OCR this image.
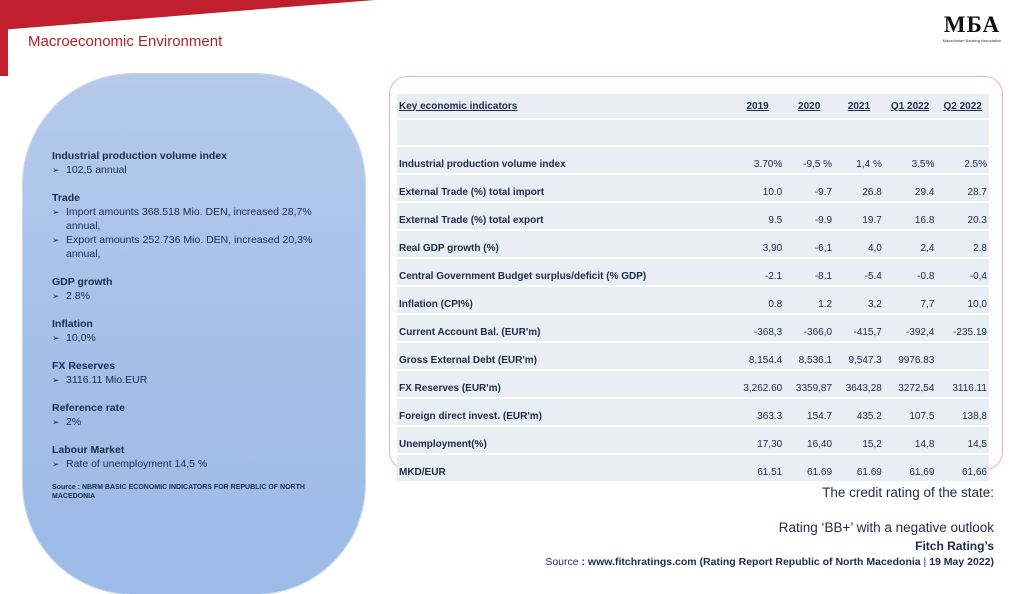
Macroeconomic Environment
MБА
Macedonian Banking Association
Industrial production volume index
➢ 102,5 annual
Trade
➢ Import amounts 368.518 Mio. DEN, increased 28,7% annual,
➢ Export amounts 252.736 Mio. DEN, increased 20,3% annual,
GDP growth
➢ 2.8%
Inflation
➢ 10,0%
FX Reserves
➢ 3116.11 Mio.EUR
Reference rate
➢ 2%
Labour Market
➢ Rate of unemployment 14,5 %
Source : NBRM BASIC ECONOMIC INDICATORS FOR REPUBLIC OF NORTH MACEDONIA
Key economic indicators	2019	2020	2021	Q1 2022	Q2 2022

Industrial production volume index	3.70%	-9,5 %	1,4 %	3.5%	2.5%
External Trade (%) total import	10.0	-9.7	26.8	29.4	28.7
External Trade (%) total export	9.5	-9.9	19.7	16.8	20.3
Real GDP growth (%)	3,90	-6,1	4,0	2,4	2.8
Central Government Budget surplus/deficit (% GDP)	-2.1	-8.1	-5.4	-0.8	-0,4
Inflation (CPI%)	0.8	1.2	3,2	7,7	10,0
Current Account Bal. (EUR'm)	-368,3	-366,0	-415,7	-392,4	-235.19
Gross External Debt (EUR'm)	8,154.4	8,536.1	9,547.3	9976.83	
FX Reserves (EUR'm)	3,262.60	3359,87	3643,28	3272,54	3116.11
Foreign direct invest. (EUR'm)	363.3	154.7	435.2	107.5	138,8
Unemployment(%)	17,30	16,40	15,2	14,8	14,5
MKD/EUR	61.51	61.69	61.69	61,69	61,66
The credit rating of the state:
Rating ‘BB+’ with a negative outlook
Fitch Rating’s
Source : www.fitchratings.com (Rating Report Republic of North Macedonia | 19 May 2022)
